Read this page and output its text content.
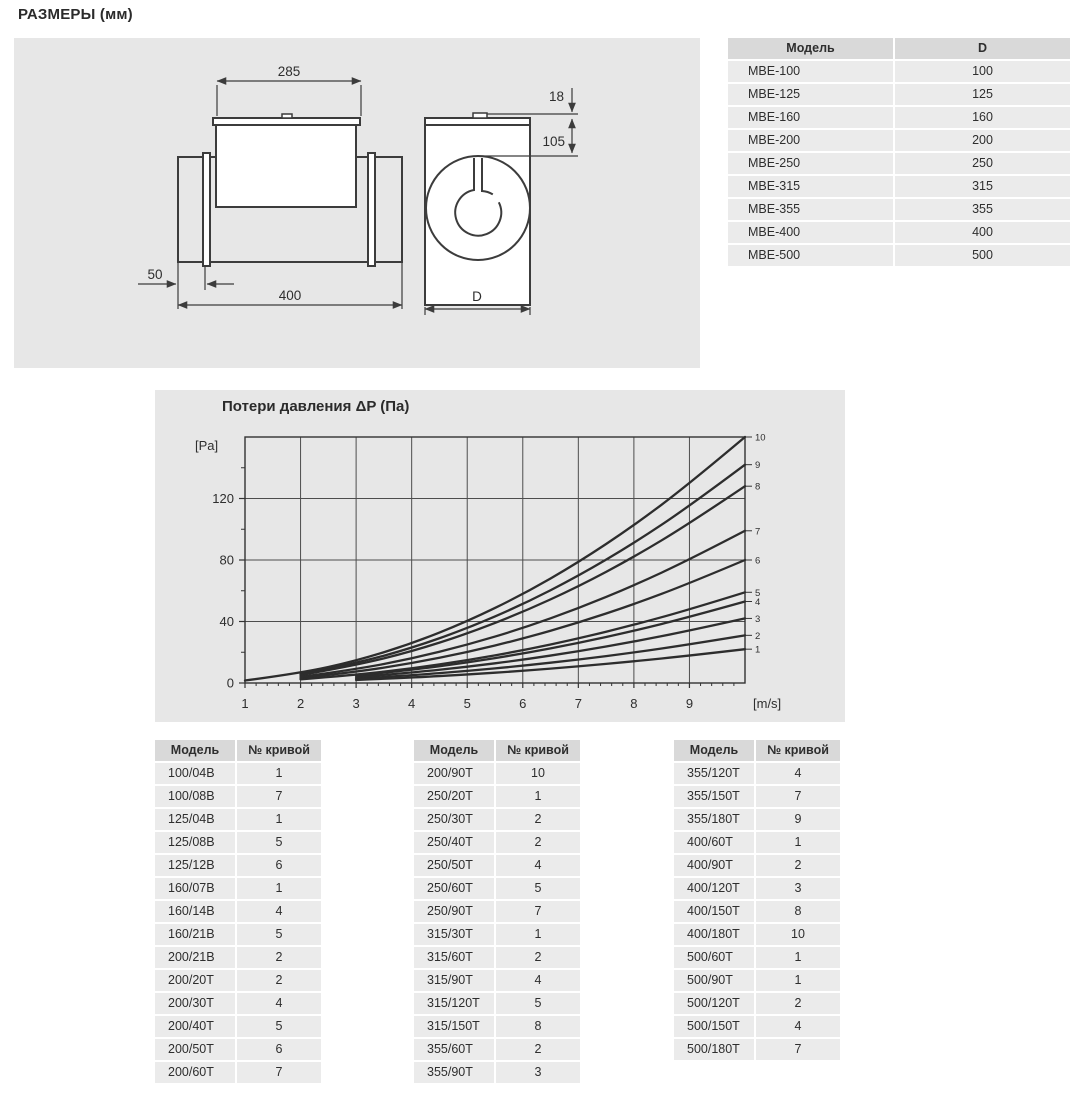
РАЗМЕРЫ (мм)
285
50
400
18
105
D
Модель	D
MBE-100	100
MBE-125	125
MBE-160	160
MBE-200	200
MBE-250	250
MBE-315	315
MBE-355	355
MBE-400	400
MBE-500	500
Потери давления ΔP (Па)
1	2	3	4	5	6	7	8	9
0
40
80
120
1
2
3
4
5
6
7
8
9
10
[Pa]
[m/s]
Модель	№ кривой
100/04B	1
100/08B	7
125/04B	1
125/08B	5
125/12B	6
160/07B	1
160/14B	4
160/21B	5
200/21B	2
200/20T	2
200/30T	4
200/40T	5
200/50T	6
200/60T	7
Модель	№ кривой
200/90T	10
250/20T	1
250/30T	2
250/40T	2
250/50T	4
250/60T	5
250/90T	7
315/30T	1
315/60T	2
315/90T	4
315/120T	5
315/150T	8
355/60T	2
355/90T	3
Модель	№ кривой
355/120T	4
355/150T	7
355/180T	9
400/60T	1
400/90T	2
400/120T	3
400/150T	8
400/180T	10
500/60T	1
500/90T	1
500/120T	2
500/150T	4
500/180T	7
